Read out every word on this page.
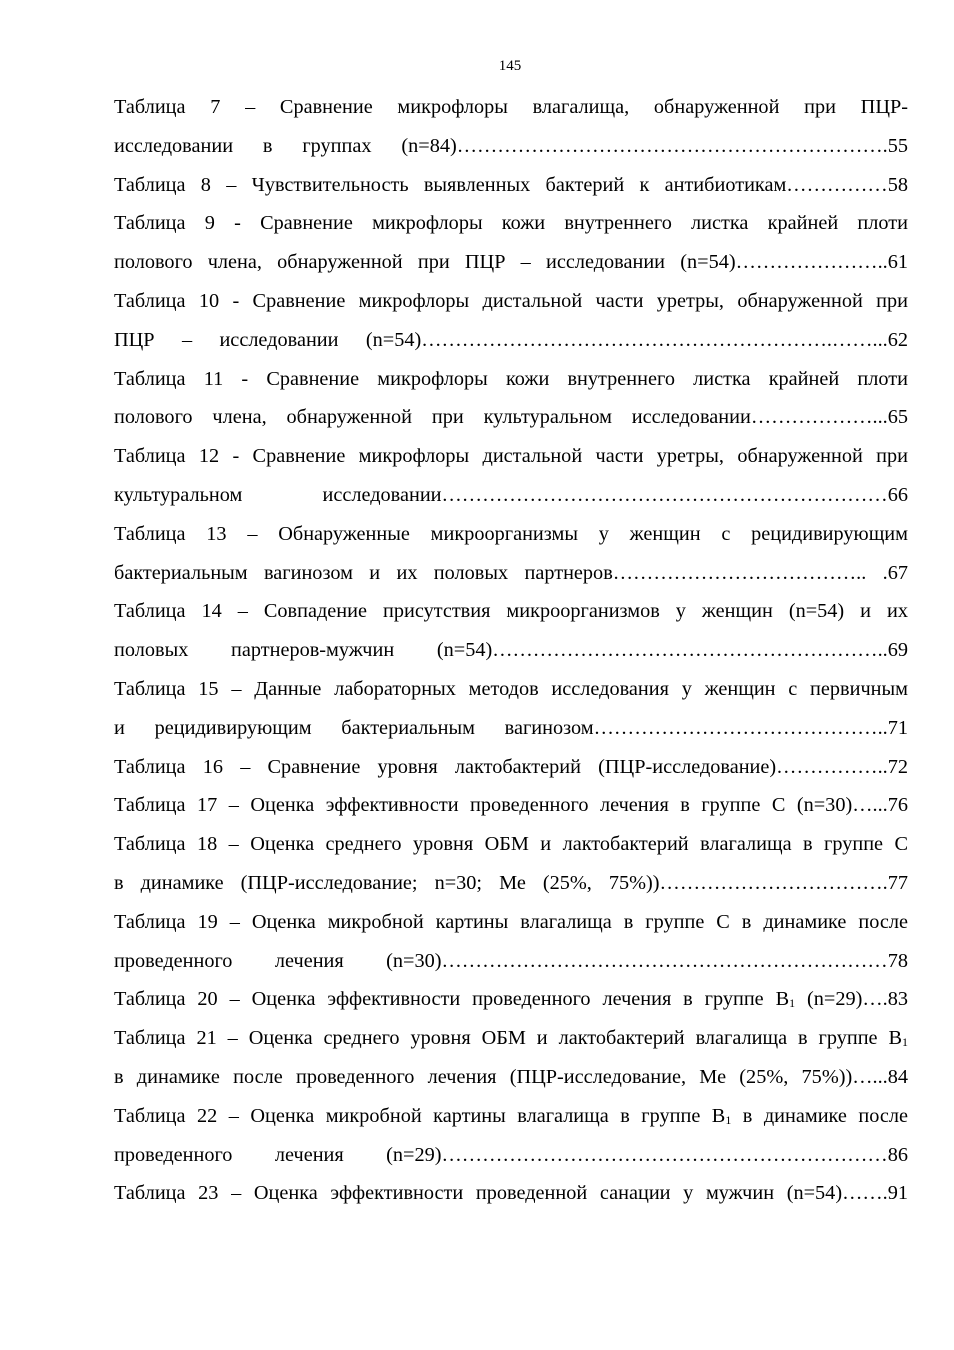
145
Таблица 7 – Сравнение микрофлоры влагалища, обнаруженной при ПЦР-
исследовании в группах (n=84)……………………………………………………….55
Таблица 8 – Чувствительность выявленных бактерий к антибиотикам……………58
Таблица 9 - Сравнение микрофлоры кожи внутреннего листка крайней плоти
полового члена, обнаруженной при ПЦР – исследовании (n=54)…………………..61
Таблица 10 - Сравнение микрофлоры дистальной части уретры, обнаруженной при
ПЦР – исследовании (n=54)…………………………………………………….……...62
Таблица 11 - Сравнение микрофлоры кожи внутреннего листка крайней плоти
полового члена, обнаруженной при культуральном исследовании………………...65
Таблица 12 - Сравнение микрофлоры дистальной части уретры, обнаруженной при
культуральном исследовании…………………………………………………………66
Таблица 13 – Обнаруженные микроорганизмы у женщин с рецидивирующим
бактериальным вагинозом и их половых партнеров……………………………….. .67
Таблица 14 – Совпадение присутствия микроорганизмов у женщин (n=54) и их
половых партнеров-мужчин (n=54)…………………………………………………..69
Таблица 15 – Данные лабораторных методов исследования у женщин с первичным
и рецидивирующим бактериальным вагинозом……………………………………..71
Таблица 16 – Сравнение уровня лактобактерий (ПЦР-исследование)……………..72
Таблица 17 – Оценка эффективности проведенного лечения в группе С (n=30)…...76
Таблица 18 – Оценка среднего уровня ОБМ и лактобактерий влагалища в группе С
в динамике (ПЦР-исследование; n=30; Ме (25%, 75%))…………………………….77
Таблица 19 – Оценка микробной картины влагалища в группе С в динамике после
проведенного лечения (n=30)…………………………………………………………78
Таблица 20 – Оценка эффективности проведенного лечения в группе $В_1$ (n=29)….83
Таблица 21 – Оценка среднего уровня ОБМ и лактобактерий влагалища в группе $В_1$
в динамике после проведенного лечения (ПЦР-исследование, Ме (25%, 75%))…...84
Таблица 22 – Оценка микробной картины влагалища в группе $В_1$ в динамике после
проведенного лечения (n=29)…………………………………………………………86
Таблица 23 – Оценка эффективности проведенной санации у мужчин (n=54)…….91
